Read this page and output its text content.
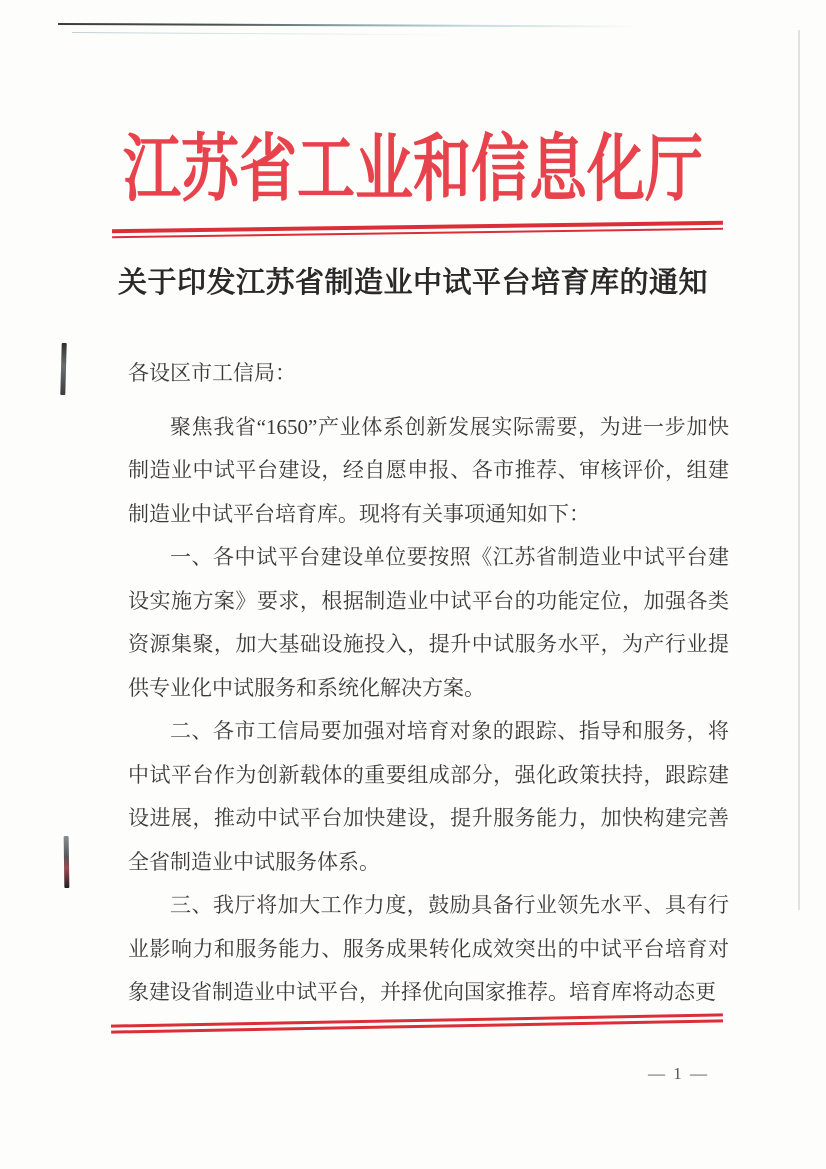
江苏省工业和信息化厅
关于印发江苏省制造业中试平台培育库的通知

各设区市工信局：

聚焦我省“1650”产业体系创新发展实际需要，为进一步加快制造业中试平台建设，经自愿申报、各市推荐、审核评价，组建制造业中试平台培育库。现将有关事项通知如下：

一、各中试平台建设单位要按照《江苏省制造业中试平台建设实施方案》要求，根据制造业中试平台的功能定位，加强各类资源集聚，加大基础设施投入，提升中试服务水平，为产行业提供专业化中试服务和系统化解决方案。

二、各市工信局要加强对培育对象的跟踪、指导和服务，将中试平台作为创新载体的重要组成部分，强化政策扶持，跟踪建设进展，推动中试平台加快建设，提升服务能力，加快构建完善全省制造业中试服务体系。

三、我厅将加大工作力度，鼓励具备行业领先水平、具有行业影响力和服务能力、服务成果转化成效突出的中试平台培育对象建设省制造业中试平台，并择优向国家推荐。培育库将动态更

— 1 —
